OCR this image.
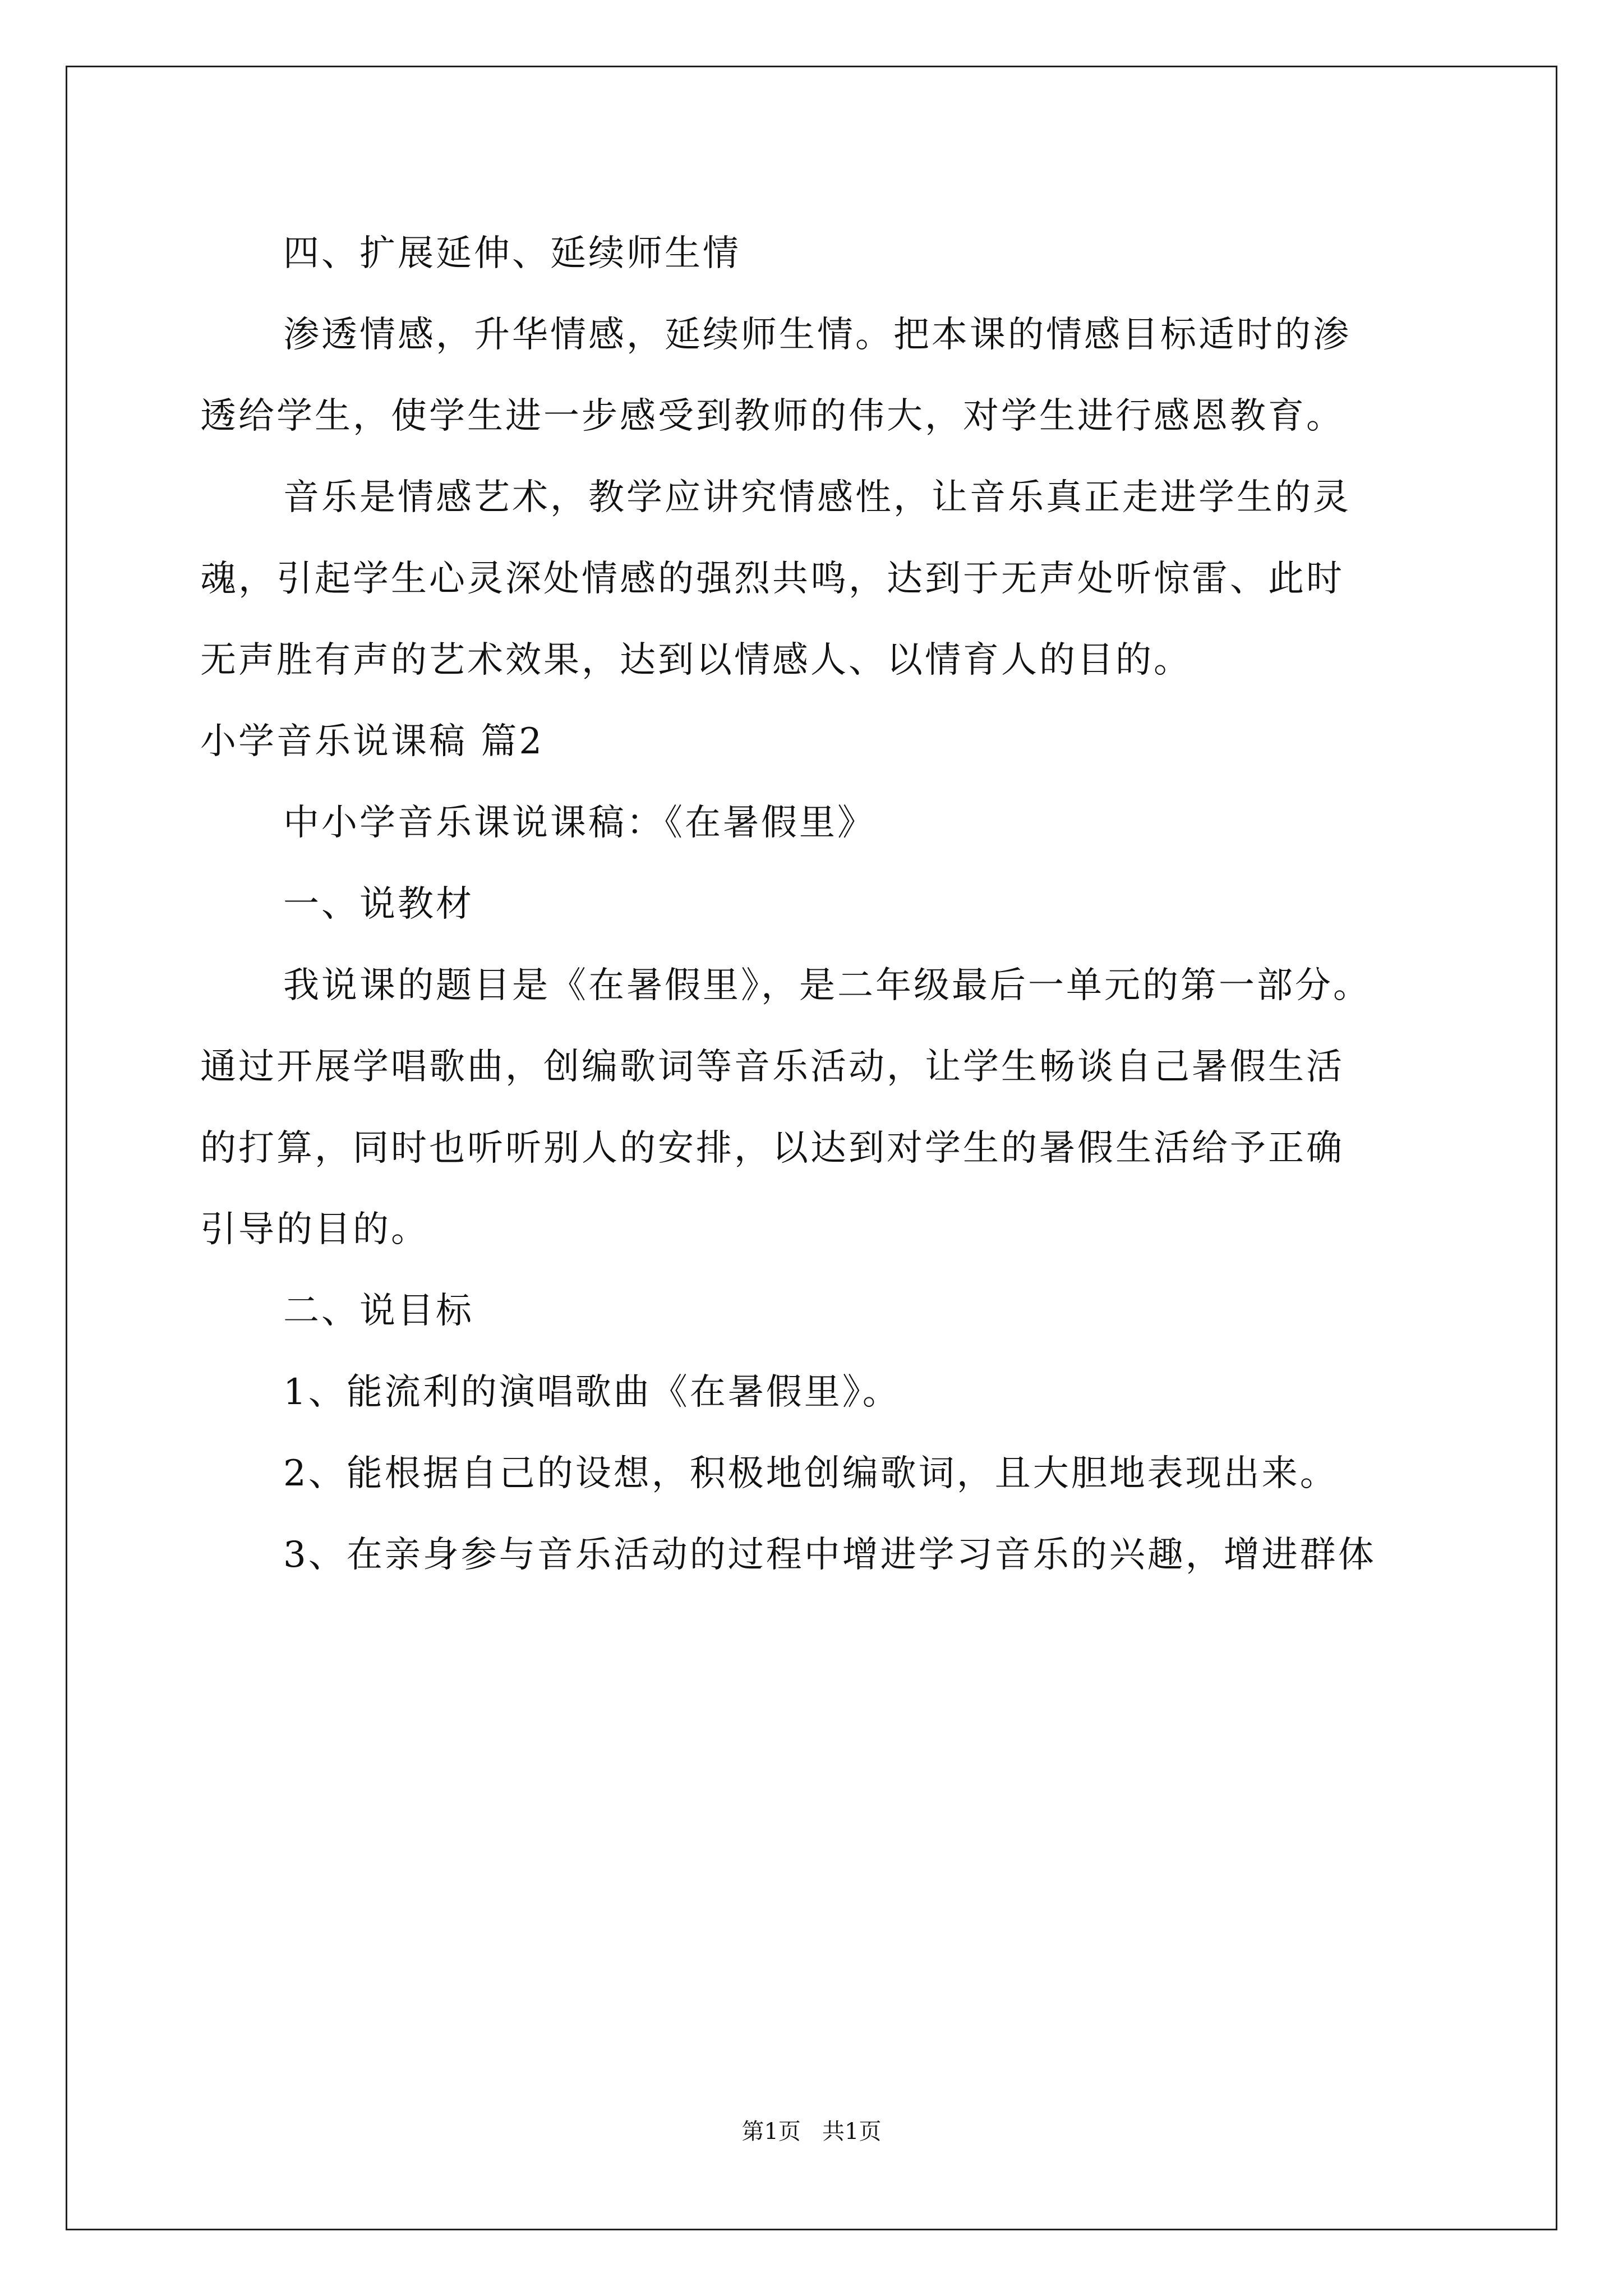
四、扩展延伸、延续师生情

渗透情感，升华情感，延续师生情。把本课的情感目标适时的渗

透给学生，使学生进一步感受到教师的伟大，对学生进行感恩教育。

音乐是情感艺术，教学应讲究情感性，让音乐真正走进学生的灵

魂，引起学生心灵深处情感的强烈共鸣，达到于无声处听惊雷、此时

无声胜有声的艺术效果，达到以情感人、以情育人的目的。

小学音乐说课稿 篇2

中小学音乐课说课稿：《在暑假里》

一、说教材

我说课的题目是《在暑假里》，是二年级最后一单元的第一部分。

通过开展学唱歌曲，创编歌词等音乐活动，让学生畅谈自己暑假生活

的打算，同时也听听别人的安排，以达到对学生的暑假生活给予正确

引导的目的。

二、说目标

1、能流利的演唱歌曲《在暑假里》。

2、能根据自己的设想，积极地创编歌词，且大胆地表现出来。

3、在亲身参与音乐活动的过程中增进学习音乐的兴趣，增进群体

第1页   共1页
